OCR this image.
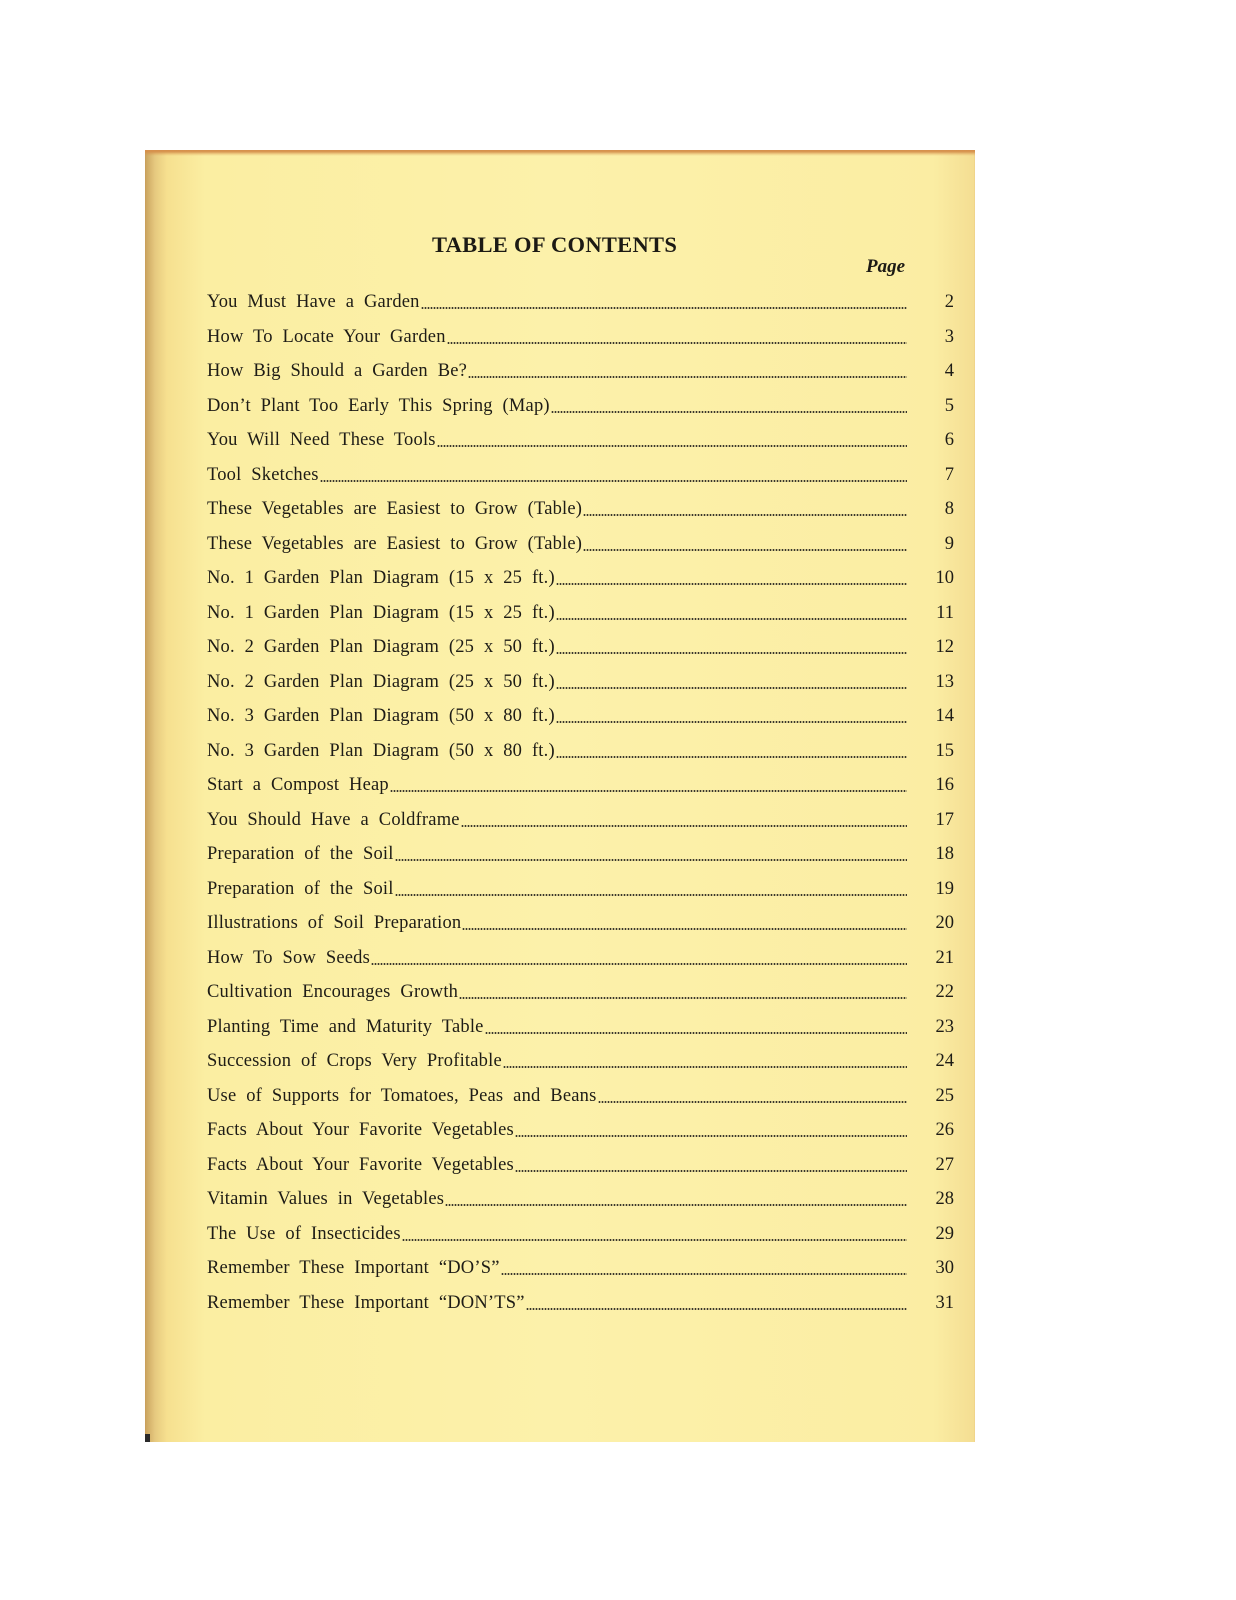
TABLE OF CONTENTS
Page
You Must Have a Garden	2
How To Locate Your Garden	3
How Big Should a Garden Be?	4
Don’t Plant Too Early This Spring (Map)	5
You Will Need These Tools	6
Tool Sketches	7
These Vegetables are Easiest to Grow (Table)	8
These Vegetables are Easiest to Grow (Table)	9
No. 1 Garden Plan Diagram (15 x 25 ft.)	10
No. 1 Garden Plan Diagram (15 x 25 ft.)	11
No. 2 Garden Plan Diagram (25 x 50 ft.)	12
No. 2 Garden Plan Diagram (25 x 50 ft.)	13
No. 3 Garden Plan Diagram (50 x 80 ft.)	14
No. 3 Garden Plan Diagram (50 x 80 ft.)	15
Start a Compost Heap	16
You Should Have a Coldframe	17
Preparation of the Soil	18
Preparation of the Soil	19
Illustrations of Soil Preparation	20
How To Sow Seeds	21
Cultivation Encourages Growth	22
Planting Time and Maturity Table	23
Succession of Crops Very Profitable	24
Use of Supports for Tomatoes, Peas and Beans	25
Facts About Your Favorite Vegetables	26
Facts About Your Favorite Vegetables	27
Vitamin Values in Vegetables	28
The Use of Insecticides	29
Remember These Important “DO’S”	30
Remember These Important “DON’TS”	31
